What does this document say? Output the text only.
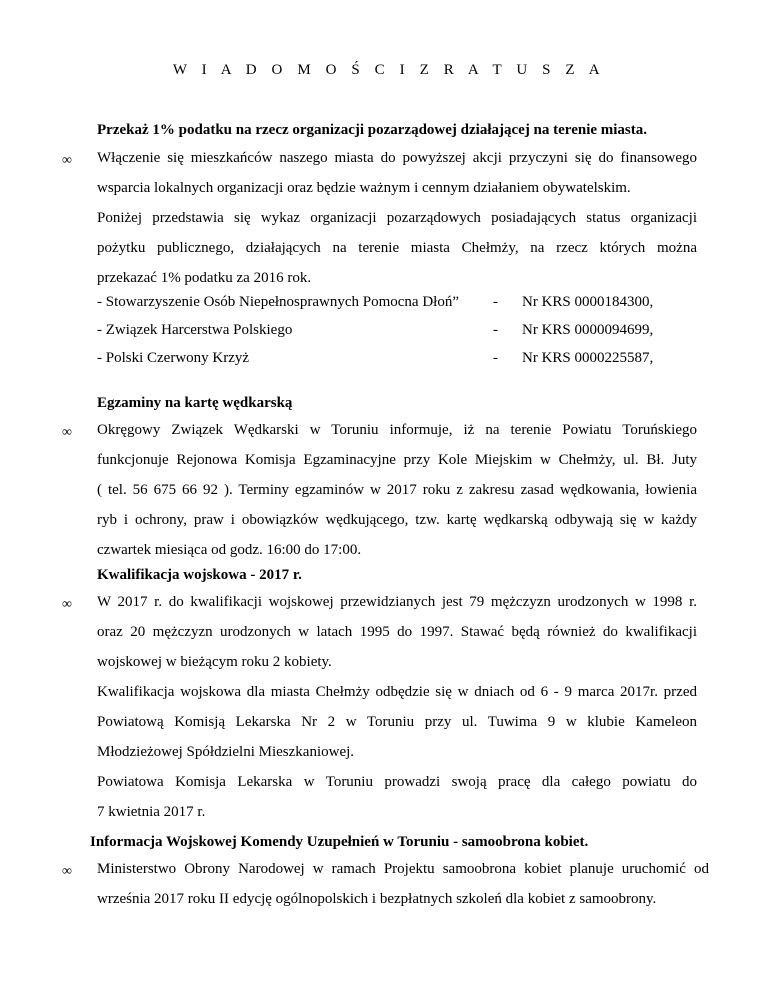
W I A D O M O Ś C I Z R A T U S Z A
Przekaż 1% podatku na rzecz organizacji pozarządowej działającej na terenie miasta.
∞ Włączenie się mieszkańców naszego miasta do powyższej akcji przyczyni się do finansowego
wsparcia lokalnych organizacji oraz będzie ważnym i cennym działaniem obywatelskim.
Poniżej przedstawia się wykaz organizacji pozarządowych posiadających status organizacji
pożytku publicznego, działających na terenie miasta Chełmży, na rzecz których można
przekazać 1% podatku za 2016 rok.
- Stowarzyszenie Osób Niepełnosprawnych Pomocna Dłoń” - Nr KRS 0000184300,
- Związek Harcerstwa Polskiego	- Nr KRS 0000094699,
- Polski Czerwony Krzyż	- Nr KRS 0000225587,
Egzaminy na kartę wędkarską
∞ Okręgowy Związek Wędkarski w Toruniu informuje, iż na terenie Powiatu Toruńskiego
funkcjonuje Rejonowa Komisja Egzaminacyjne przy Kole Miejskim w Chełmży, ul. Bł. Juty
( tel. 56 675 66 92 ). Terminy egzaminów w 2017 roku z zakresu zasad wędkowania, łowienia
ryb i ochrony, praw i obowiązków wędkującego, tzw. kartę wędkarską odbywają się w każdy
czwartek miesiąca od godz. 16:00 do 17:00.
Kwalifikacja wojskowa - 2017 r.
∞ W 2017 r. do kwalifikacji wojskowej przewidzianych jest 79 mężczyzn urodzonych w 1998 r.
oraz 20 mężczyzn urodzonych w latach 1995 do 1997. Stawać będą również do kwalifikacji
wojskowej w bieżącym roku 2 kobiety.
Kwalifikacja wojskowa dla miasta Chełmży odbędzie się w dniach od 6 - 9 marca 2017r. przed
Powiatową Komisją Lekarska Nr 2 w Toruniu przy ul. Tuwima 9 w klubie Kameleon
Młodzieżowej Spółdzielni Mieszkaniowej.
Powiatowa Komisja Lekarska w Toruniu prowadzi swoją pracę dla całego powiatu do
7 kwietnia 2017 r.
Informacja Wojskowej Komendy Uzupełnień w Toruniu - samoobrona kobiet.
∞ Ministerstwo Obrony Narodowej w ramach Projektu samoobrona kobiet planuje uruchomić od
września 2017 roku II edycję ogólnopolskich i bezpłatnych szkoleń dla kobiet z samoobrony.
